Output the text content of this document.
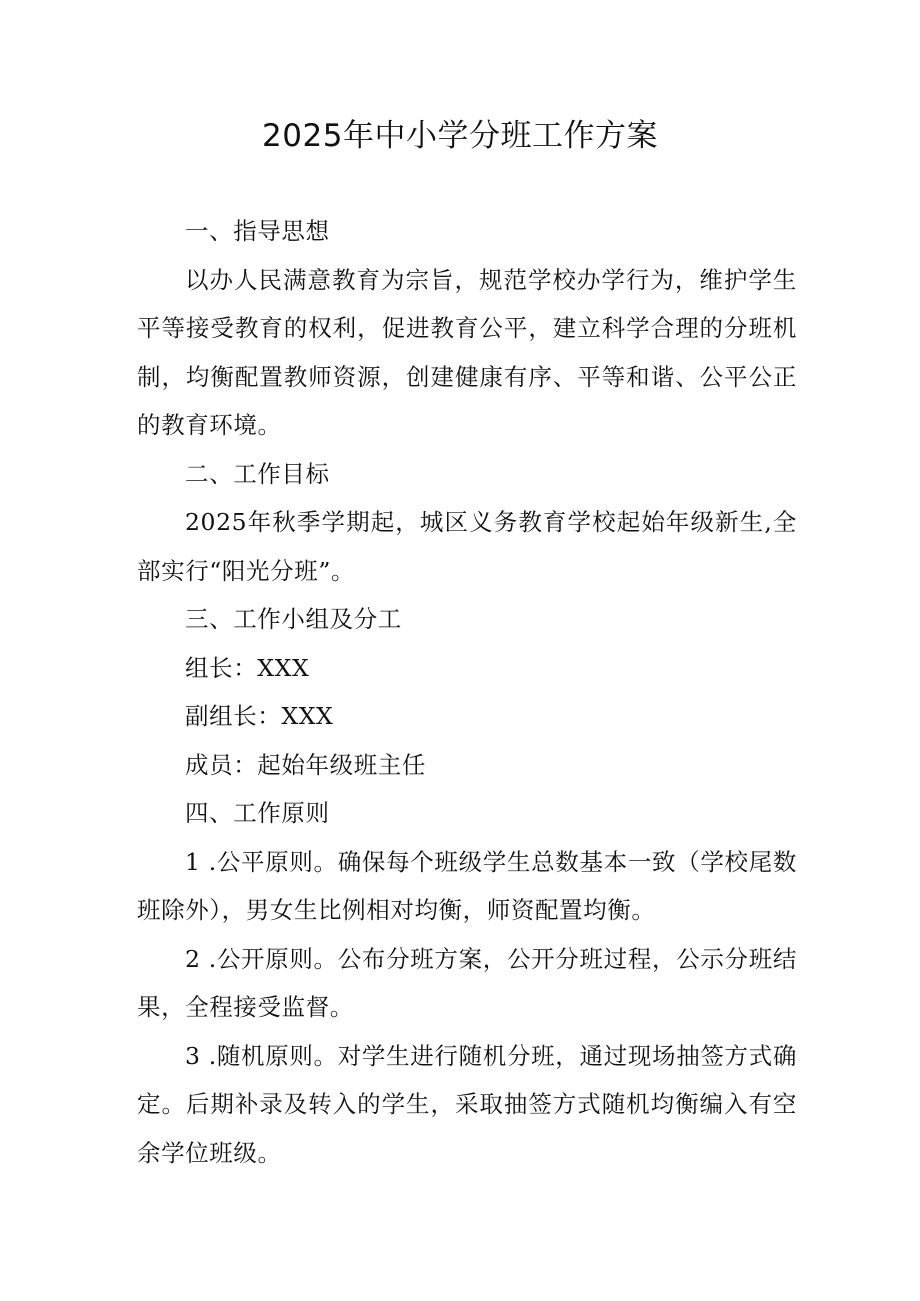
2025年中小学分班工作方案

一、指导思想

以办人民满意教育为宗旨，规范学校办学行为，维护学生平等接受教育的权利，促进教育公平，建立科学合理的分班机制，均衡配置教师资源，创建健康有序、平等和谐、公平公正的教育环境。

二、工作目标

2025年秋季学期起，城区义务教育学校起始年级新生,全部实行“阳光分班”。

三、工作小组及分工

组长：XXX

副组长：XXX

成员：起始年级班主任

四、工作原则

1 .公平原则。确保每个班级学生总数基本一致（学校尾数班除外），男女生比例相对均衡，师资配置均衡。

2 .公开原则。公布分班方案，公开分班过程，公示分班结果，全程接受监督。

3 .随机原则。对学生进行随机分班，通过现场抽签方式确定。后期补录及转入的学生，采取抽签方式随机均衡编入有空余学位班级。
